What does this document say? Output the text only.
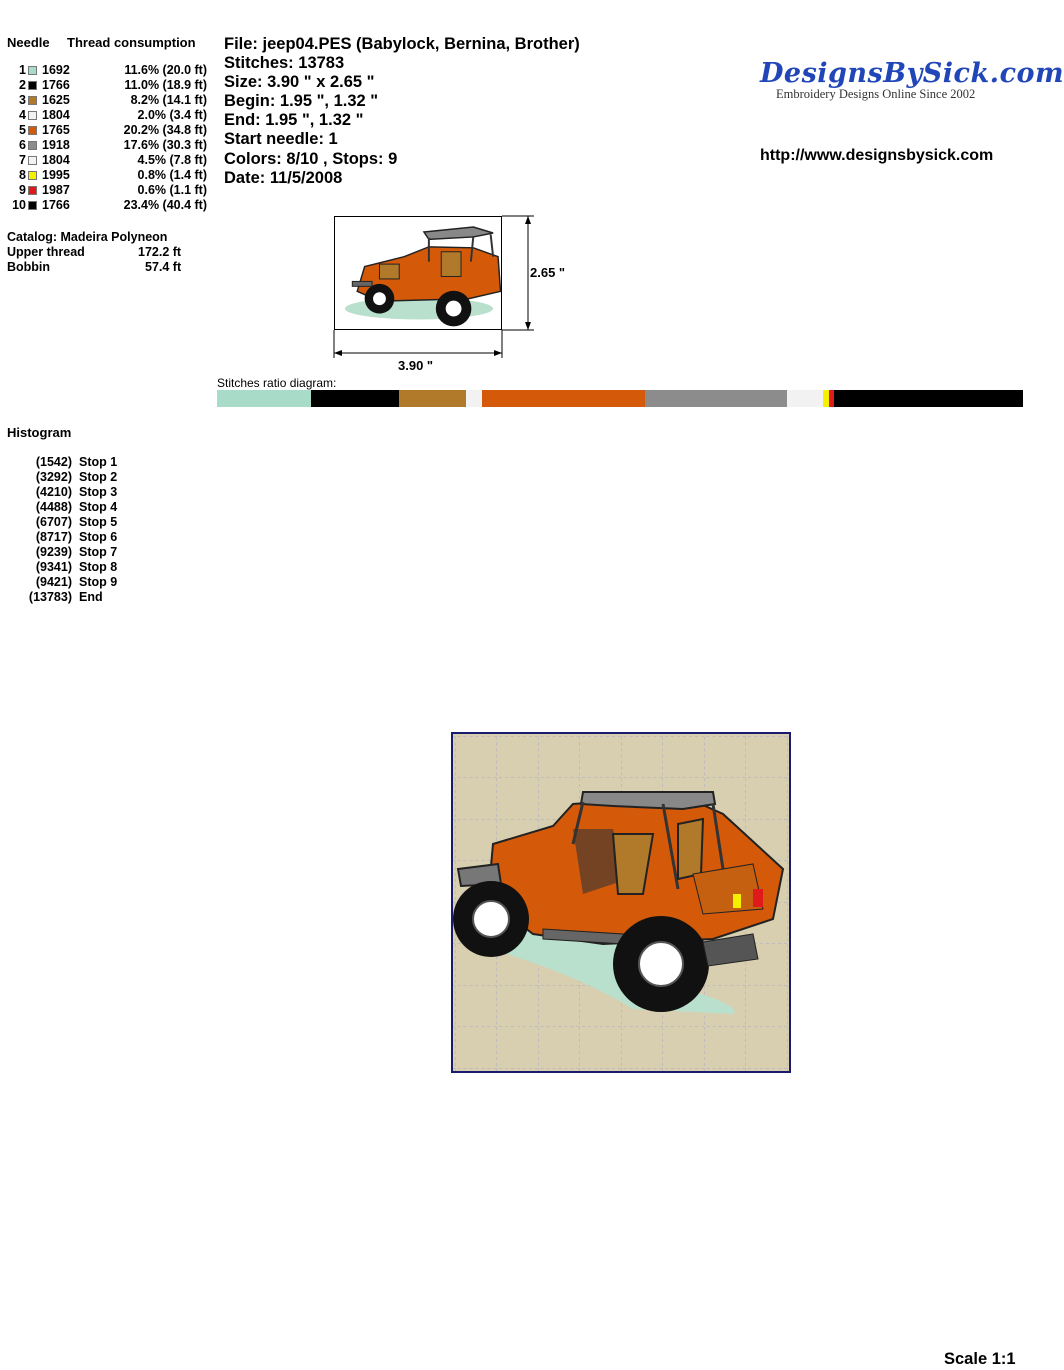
Needle Thread consumption
1 1692	11.6% (20.0 ft)
2 1766	11.0% (18.9 ft)
3 1625	8.2% (14.1 ft)
4 1804	2.0% (3.4 ft)
5 1765	20.2% (34.8 ft)
6 1918	17.6% (30.3 ft)
7 1804	4.5% (7.8 ft)
8 1995	0.8% (1.4 ft)
9 1987	0.6% (1.1 ft)
10 1766	23.4% (40.4 ft)
Catalog: Madeira Polyneon
Upper thread	172.2 ft
Bobbin	57.4 ft
File: jeep04.PES (Babylock, Bernina, Brother)
Stitches: 13783
Size: 3.90 " x 2.65 "
Begin: 1.95 ", 1.32 "
End: 1.95 ", 1.32 "
Start needle: 1
Colors: 8/10 , Stops: 9
Date: 11/5/2008
DesignsBySick.com
Embroidery Designs Online Since 2002
http://www.designsbysick.com
2.65 "
3.90 "
Stitches ratio diagram:
Histogram
(1542) Stop 1
(3292) Stop 2
(4210) Stop 3
(4488) Stop 4
(6707) Stop 5
(8717) Stop 6
(9239) Stop 7
(9341) Stop 8
(9421) Stop 9
(13783) End
Scale 1:1
